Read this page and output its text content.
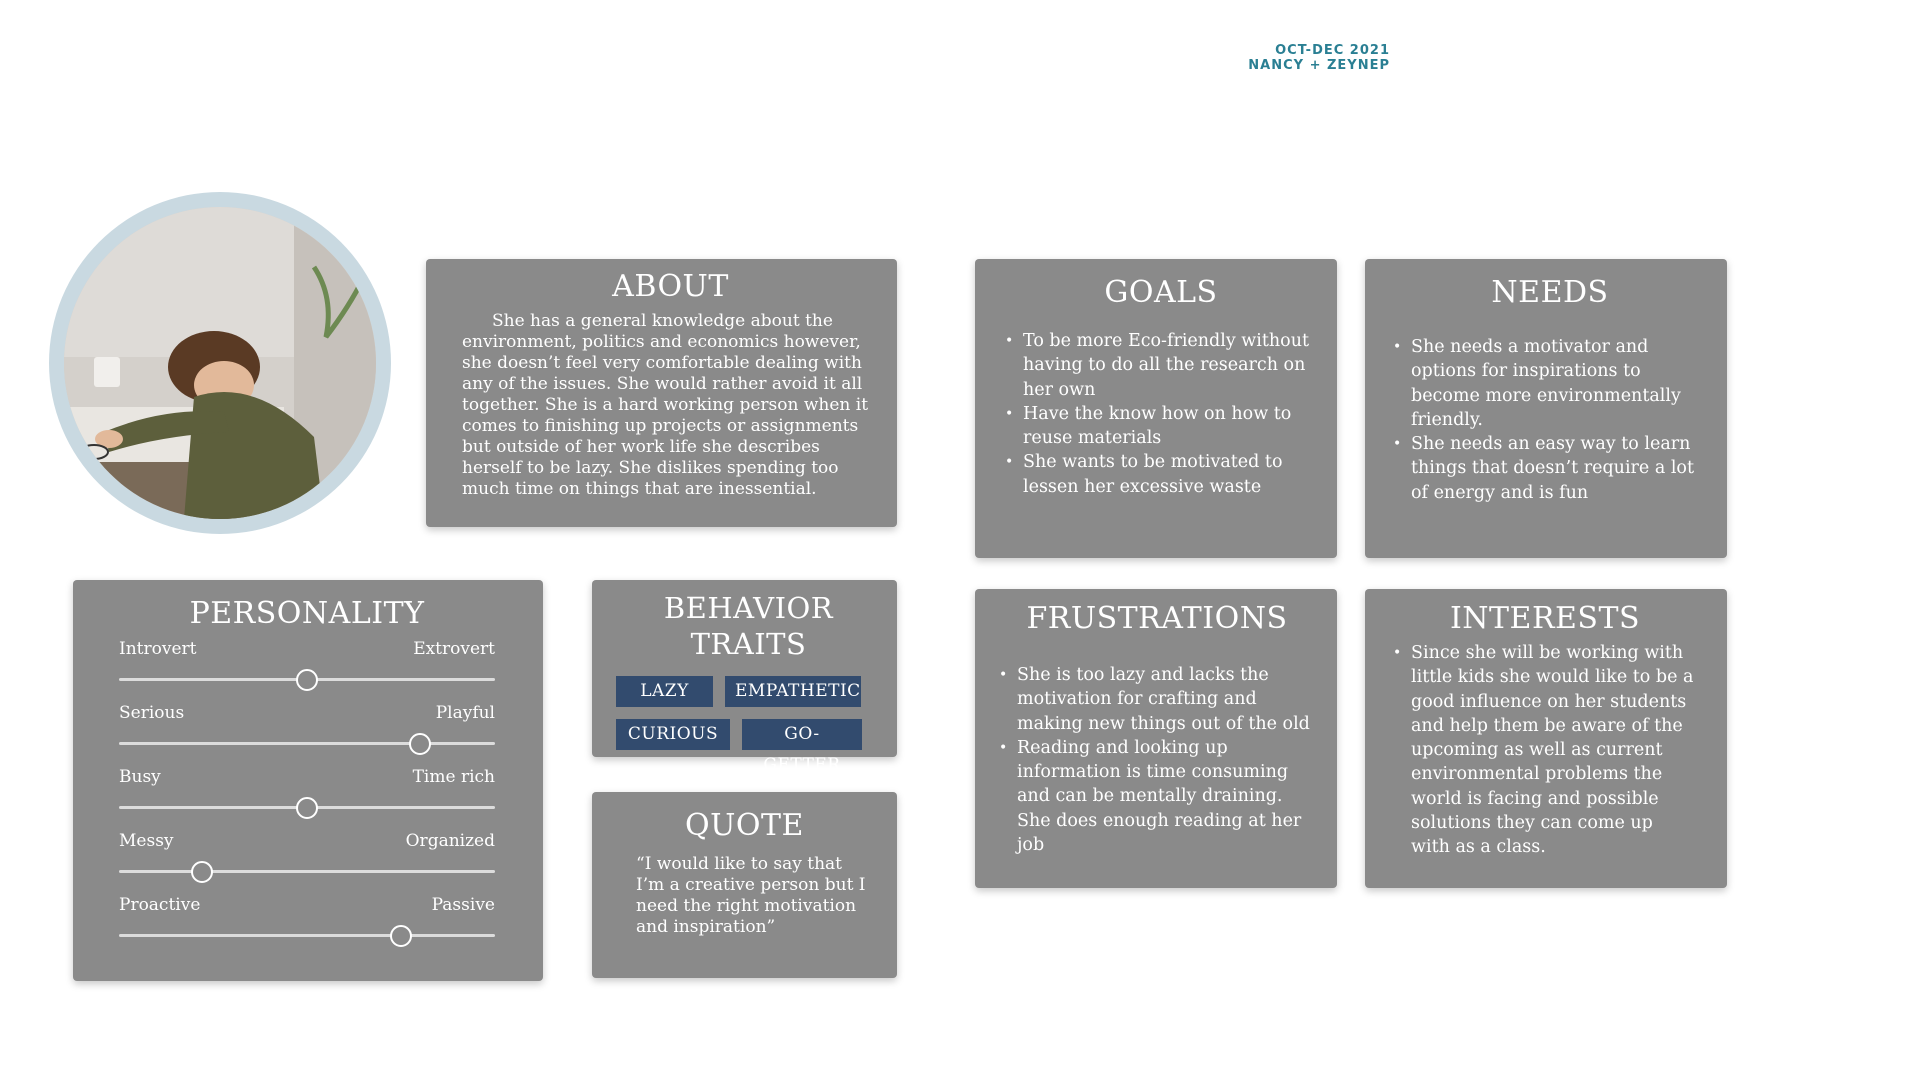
OCT-DEC 2021
NANCY + ZEYNEP
ABOUT
She has a general knowledge about the environment, politics and economics however, she doesn’t feel very comfortable dealing with any of the issues. She would rather avoid it all together. She is a hard working person when it comes to finishing up projects or assignments but outside of her work life she describes herself to be lazy. She dislikes spending too much time on things that are inessential.
GOALS
• To be more Eco-friendly without having to do all the research on her own
• Have the know how on how to reuse materials
• She wants to be motivated to lessen her excessive waste
NEEDS
• She needs a motivator and options for inspirations to become more environmentally friendly.
• She needs an easy way to learn things that doesn’t require a lot of energy and is fun
PERSONALITY
Introvert	Extrovert
Serious	Playful
Busy	Time rich
Messy	Organized
Proactive	Passive
BEHAVIOR TRAITS
LAZY	EMPATHETIC
CURIOUS	GO-GETTER
QUOTE
“I would like to say that I’m a creative person but I need the right motivation and inspiration”
FRUSTRATIONS
• She is too lazy and lacks the motivation for crafting and making new things out of the old
• Reading and looking up information is time consuming and can be mentally draining. She does enough reading at her job
INTERESTS
• Since she will be working with little kids she would like to be a good influence on her students and help them be aware of the upcoming as well as current environmental problems the world is facing and possible solutions they can come up with as a class.
